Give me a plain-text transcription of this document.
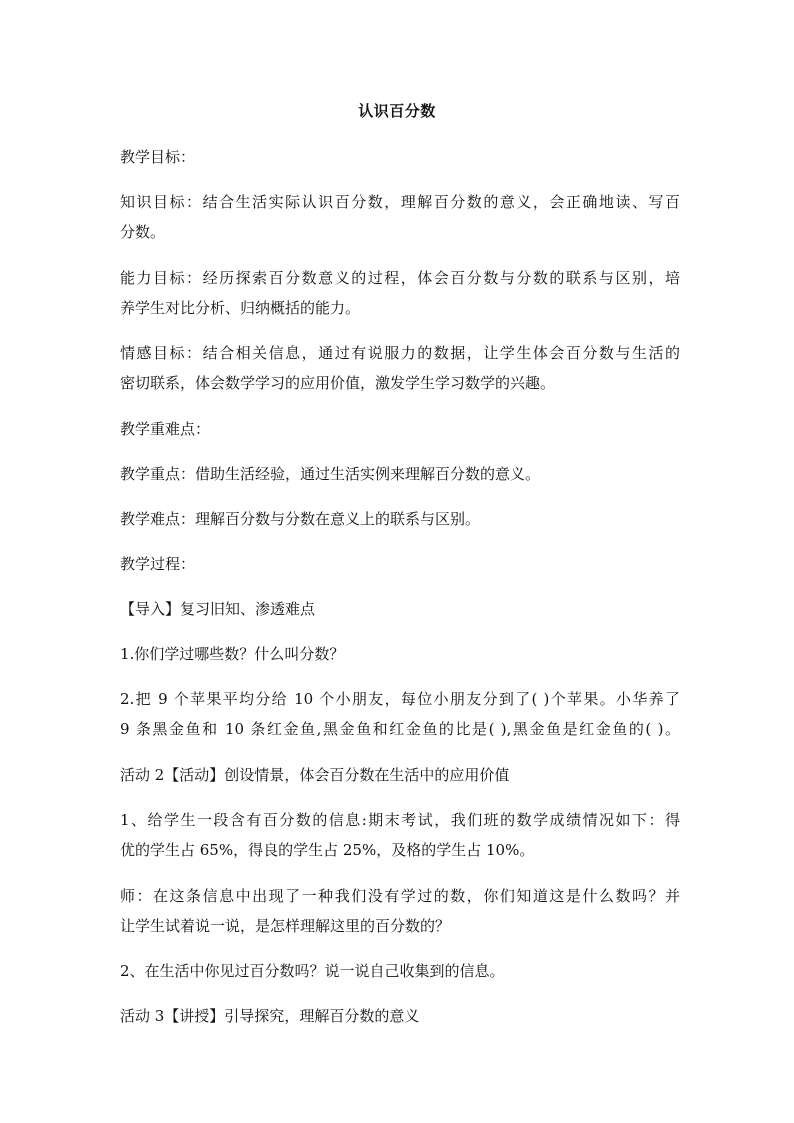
认识百分数
教学目标：
知识目标：结合生活实际认识百分数，理解百分数的意义，会正确地读、写百
分数。
能力目标：经历探索百分数意义的过程，体会百分数与分数的联系与区别，培
养学生对比分析、归纳概括的能力。
情感目标：结合相关信息，通过有说服力的数据，让学生体会百分数与生活的
密切联系，体会数学学习的应用价值，激发学生学习数学的兴趣。
教学重难点：
教学重点：借助生活经验，通过生活实例来理解百分数的意义。
教学难点：理解百分数与分数在意义上的联系与区别。
教学过程：
【导入】复习旧知、渗透难点
1.你们学过哪些数？什么叫分数？
2.把 9 个苹果平均分给 10 个小朋友，每位小朋友分到了( )个苹果。小华养了
9 条黑金鱼和 10 条红金鱼,黑金鱼和红金鱼的比是( ),黑金鱼是红金鱼的( )。
活动 2【活动】创设情景，体会百分数在生活中的应用价值
1、给学生一段含有百分数的信息:期末考试，我们班的数学成绩情况如下：得
优的学生占 65%，得良的学生占 25%，及格的学生占 10%。
师：在这条信息中出现了一种我们没有学过的数，你们知道这是什么数吗？并
让学生试着说一说，是怎样理解这里的百分数的？
2、在生活中你见过百分数吗？说一说自己收集到的信息。
活动 3【讲授】引导探究，理解百分数的意义
